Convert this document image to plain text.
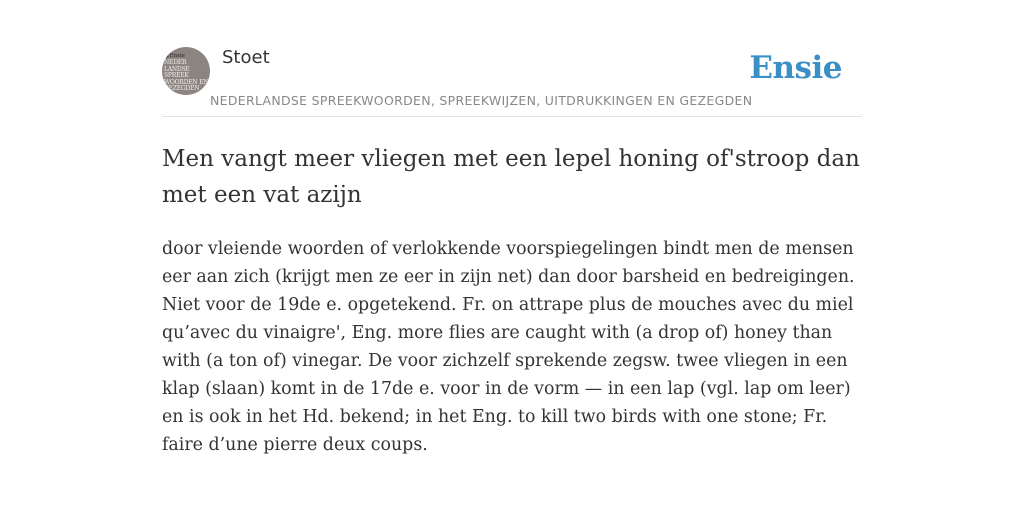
@Ensie
NEDER
LANDSE
SPREEK
WOORDEN EN
GEZEGDEN
Stoet	Ensie
NEDERLANDSE SPREEKWOORDEN, SPREEKWIJZEN, UITDRUKKINGEN EN GEZEGDEN
Men vangt meer vliegen met een lepel honing of'stroop dan met een vat azijn
door vleiende woorden of verlokkende voorspiegelingen bindt men de mensen eer aan zich (krijgt men ze eer in zijn net) dan door barsheid en bedreigingen. Niet voor de 19de e. opgetekend. Fr. on attrape plus de mouches avec du miel qu’avec du vinaigre', Eng. more flies are caught with (a drop of) honey than with (a ton of) vinegar. De voor zichzelf sprekende zegsw. twee vliegen in een klap (slaan) komt in de 17de e. voor in de vorm — in een lap (vgl. lap om leer) en is ook in het Hd. bekend; in het Eng. to kill two birds with one stone; Fr. faire d’une pierre deux coups.
